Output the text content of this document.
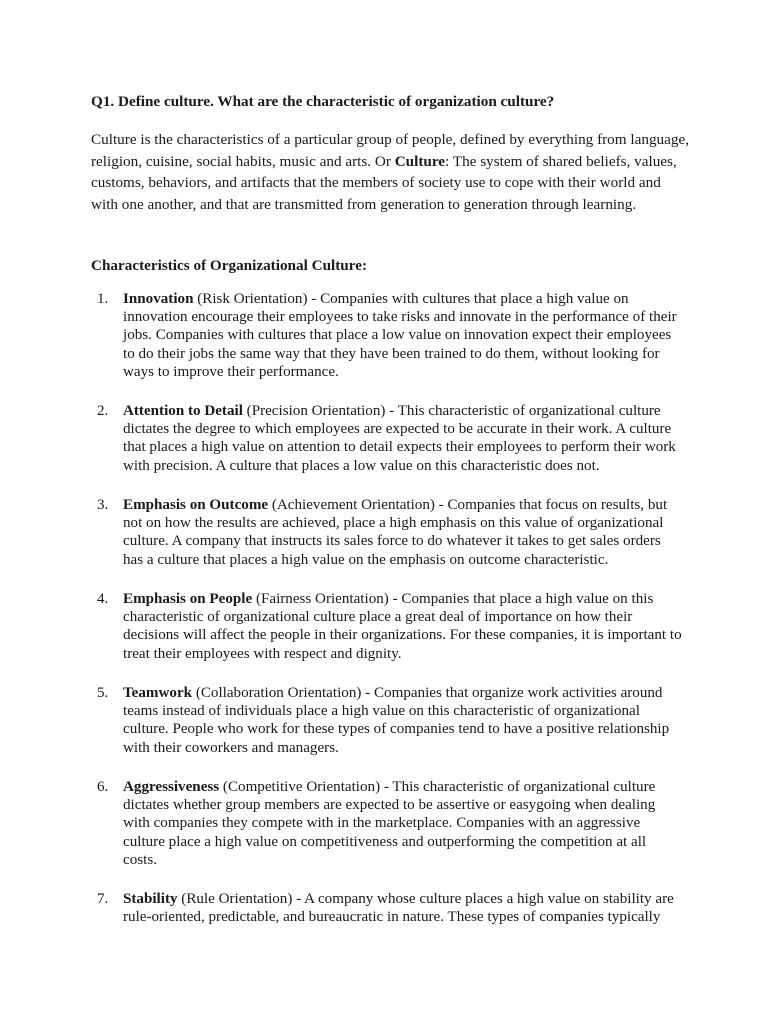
Q1. Define culture. What are the characteristic of organization culture?

Culture is the characteristics of a particular group of people, defined by everything from language, religion, cuisine, social habits, music and arts. Or Culture: The system of shared beliefs, values, customs, behaviors, and artifacts that the members of society use to cope with their world and with one another, and that are transmitted from generation to generation through learning.

Characteristics of Organizational Culture:

1. Innovation (Risk Orientation) - Companies with cultures that place a high value on innovation encourage their employees to take risks and innovate in the performance of their jobs. Companies with cultures that place a low value on innovation expect their employees to do their jobs the same way that they have been trained to do them, without looking for ways to improve their performance.

2. Attention to Detail (Precision Orientation) - This characteristic of organizational culture dictates the degree to which employees are expected to be accurate in their work. A culture that places a high value on attention to detail expects their employees to perform their work with precision. A culture that places a low value on this characteristic does not.

3. Emphasis on Outcome (Achievement Orientation) - Companies that focus on results, but not on how the results are achieved, place a high emphasis on this value of organizational culture. A company that instructs its sales force to do whatever it takes to get sales orders has a culture that places a high value on the emphasis on outcome characteristic.

4. Emphasis on People (Fairness Orientation) - Companies that place a high value on this characteristic of organizational culture place a great deal of importance on how their decisions will affect the people in their organizations. For these companies, it is important to treat their employees with respect and dignity.

5. Teamwork (Collaboration Orientation) - Companies that organize work activities around teams instead of individuals place a high value on this characteristic of organizational culture. People who work for these types of companies tend to have a positive relationship with their coworkers and managers.

6. Aggressiveness (Competitive Orientation) - This characteristic of organizational culture dictates whether group members are expected to be assertive or easygoing when dealing with companies they compete with in the marketplace. Companies with an aggressive culture place a high value on competitiveness and outperforming the competition at all costs.

7. Stability (Rule Orientation) - A company whose culture places a high value on stability are rule-oriented, predictable, and bureaucratic in nature. These types of companies typically
